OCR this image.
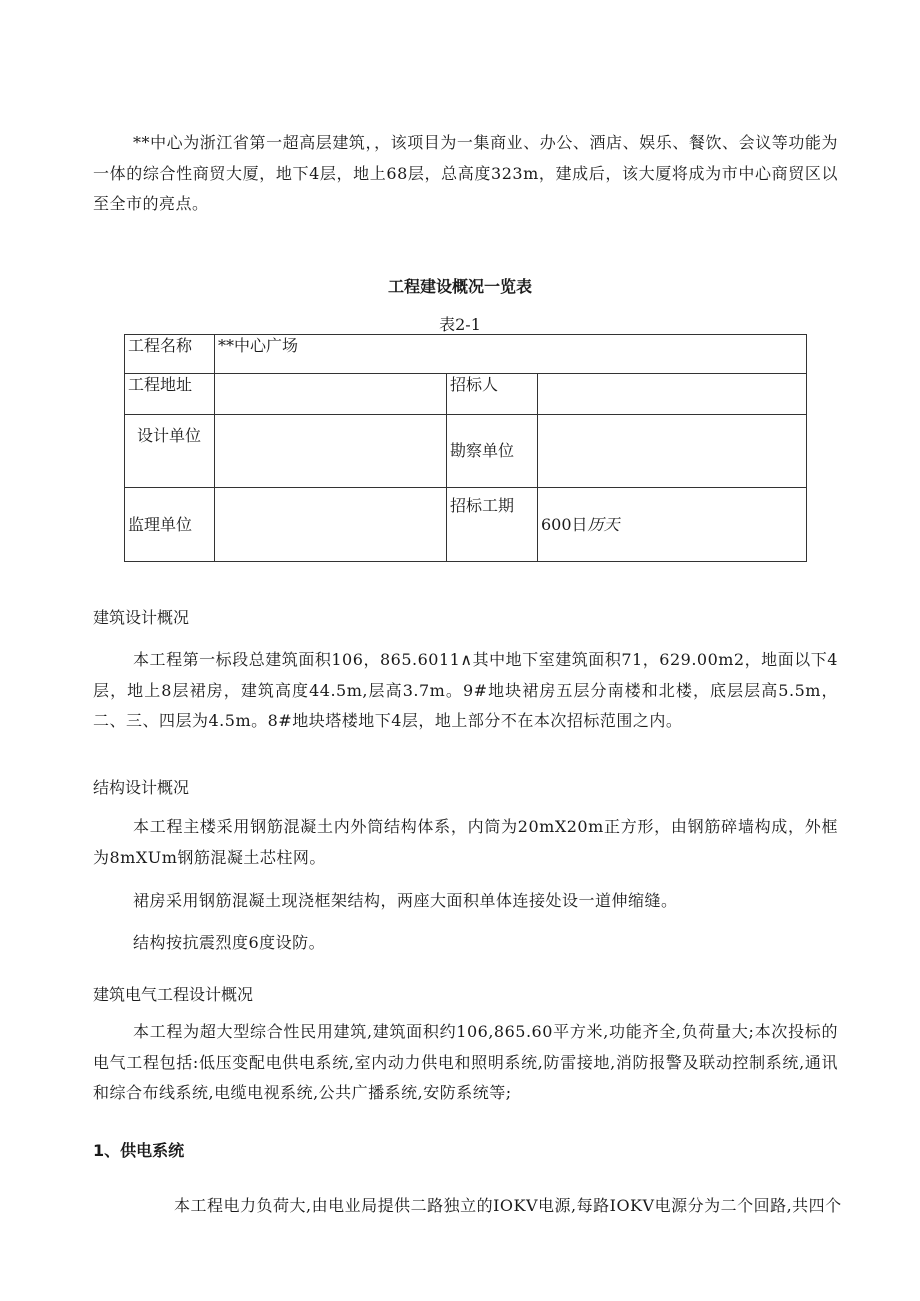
**中心为浙江省第一超高层建筑，，该项目为一集商业、办公、酒店、娱乐、餐饮、会议等功能为一体的综合性商贸大厦，地下4层，地上68层，总高度323m，建成后，该大厦将成为市中心商贸区以至全市的亮点。
工程建设概况一览表
表2-1
工程名称	**中心广场		
工程地址		招标人	
设计单位		勘察单位	
监理单位		招标工期	600日历天
建筑设计概况
本工程第一标段总建筑面积106，865.6011∧其中地下室建筑面积71，629.00m2，地面以下4层，地上8层裙房，建筑高度44.5m,层高3.7m。9#地块裙房五层分南楼和北楼，底层层高5.5m，二、三、四层为4.5m。8#地块塔楼地下4层，地上部分不在本次招标范围之内。
结构设计概况
本工程主楼采用钢筋混凝土内外筒结构体系，内筒为20mX20m正方形，由钢筋碎墙构成，外框为8mXUm钢筋混凝土芯柱网。
裙房采用钢筋混凝土现浇框架结构，两座大面积单体连接处设一道伸缩缝。
结构按抗震烈度6度设防。
建筑电气工程设计概况
本工程为超大型综合性民用建筑,建筑面积约106,865.60平方米,功能齐全,负荷量大;本次投标的电气工程包括:低压变配电供电系统,室内动力供电和照明系统,防雷接地,消防报警及联动控制系统,通讯和综合布线系统,电缆电视系统,公共广播系统,安防系统等;
1、供电系统
本工程电力负荷大,由电业局提供二路独立的IOKV电源,每路IOKV电源分为二个回路,共四个
